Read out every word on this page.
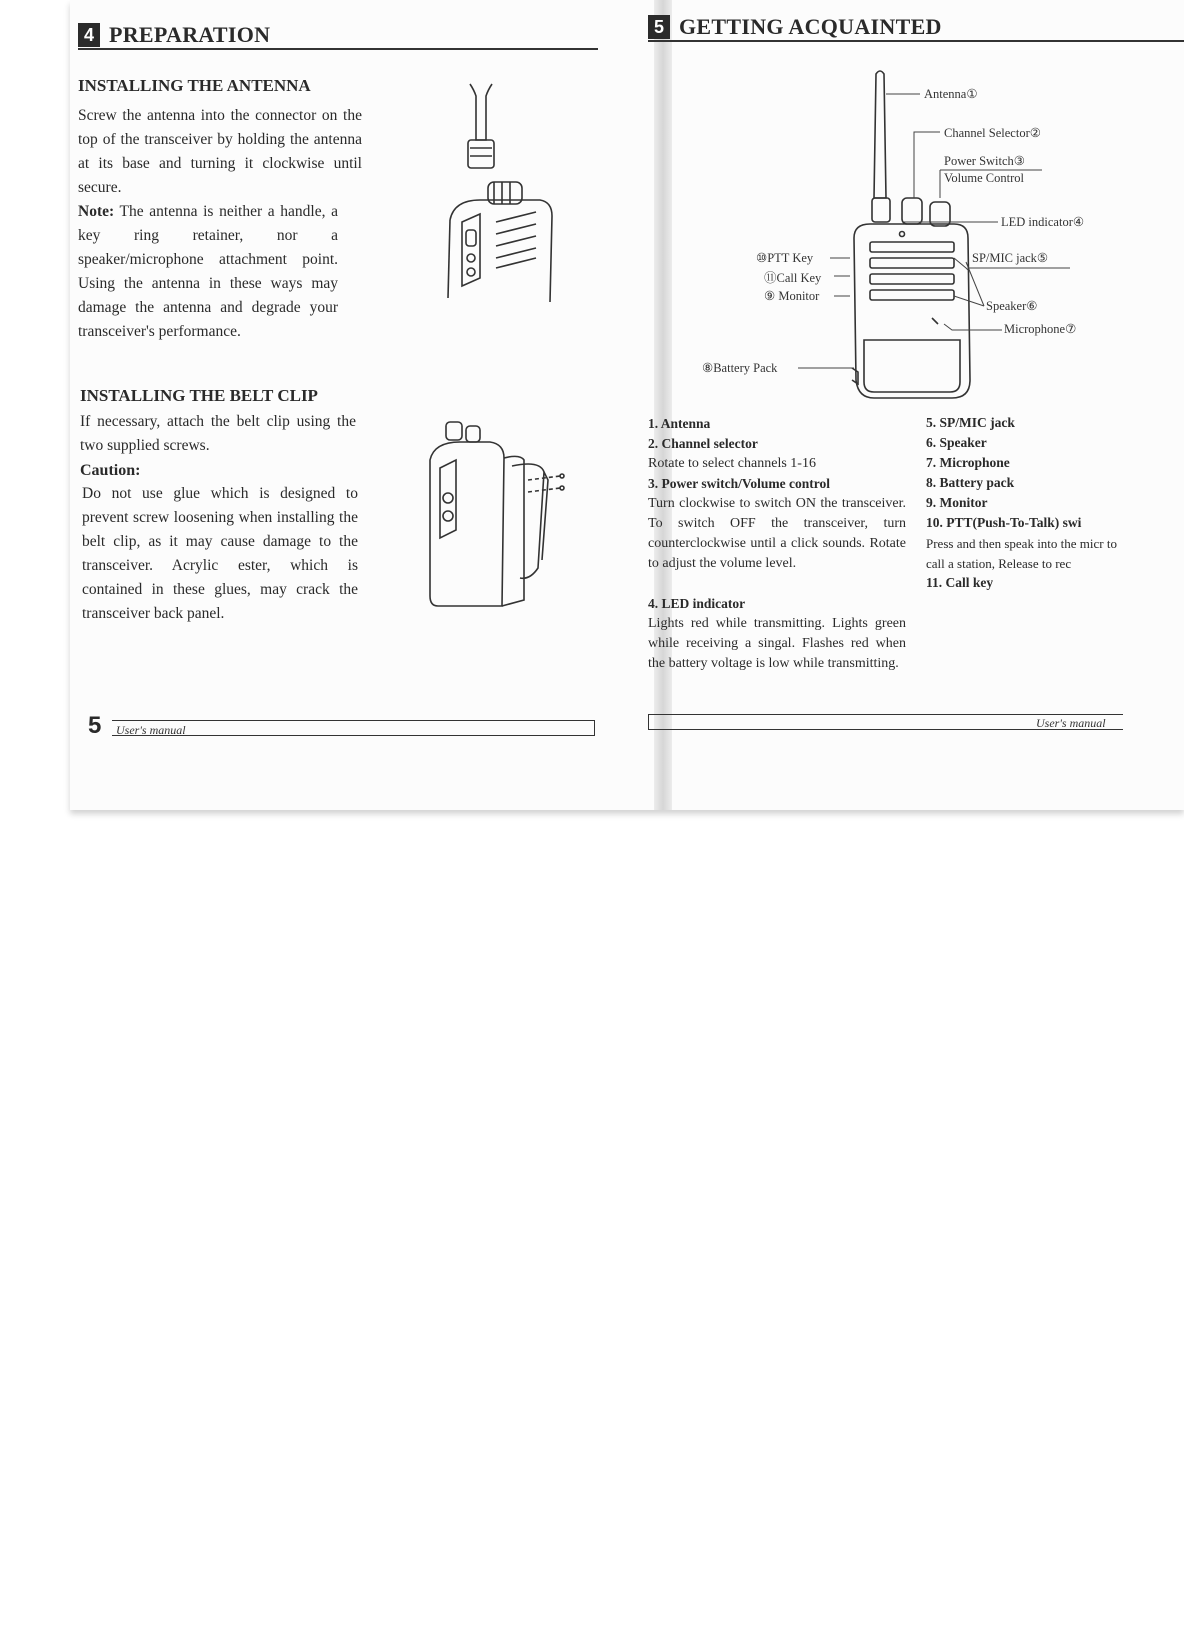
4 PREPARATION
INSTALLING THE ANTENNA
Screw the antenna into the connector on the top of the transceiver by holding the antenna at its base and turning it clockwise until secure.
Note: The antenna is neither a handle, a key ring retainer, nor a speaker/microphone attachment point. Using the antenna in these ways may damage the antenna and degrade your transceiver's performance.
INSTALLING THE BELT CLIP
If necessary, attach the belt clip using the two supplied screws.
Caution:
Do not use glue which is designed to prevent screw loosening when installing the belt clip, as it may cause damage to the transceiver. Acrylic ester, which is contained in these glues, may crack the transceiver back panel.
5 User's manual
5 GETTING ACQUAINTED
Antenna①
Channel Selector②
Power Switch③
Volume Control
LED indicator④
SP/MIC jack⑤
Speaker⑥
Microphone⑦
⑧Battery Pack
⑩PTT Key
⑪Call Key
⑨ Monitor
1. Antenna
2. Channel selector
Rotate to select channels 1-16
3. Power switch/Volume control
Turn clockwise to switch ON the transceiver. To switch OFF the transceiver, turn counterclockwise until a click sounds. Rotate to adjust the volume level.
4. LED indicator
Lights red while transmitting. Lights green while receiving a singal. Flashes red when the battery voltage is low while transmitting.
5. SP/MIC jack
6. Speaker
7. Microphone
8. Battery pack
9. Monitor
10. PTT(Push-To-Talk) swi
Press and then speak into the micr to call a station, Release to rec
11. Call key
User's manual
